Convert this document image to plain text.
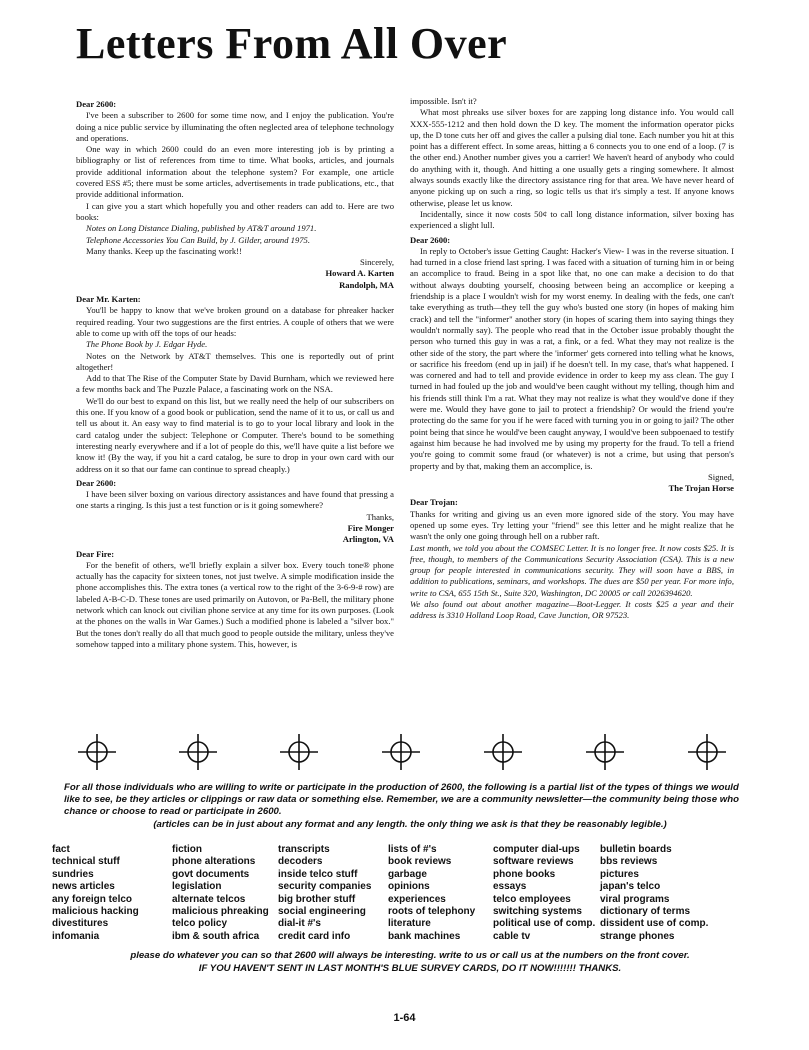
Letters From All Over

Dear 2600:

I've been a subscriber to 2600 for some time now, and I enjoy the publication. You're doing a nice public service by illuminating the often neglected area of telephone technology and operations.

One way in which 2600 could do an even more interesting job is by printing a bibliography or list of references from time to time. What books, articles, and journals provide additional information about the telephone system? For example, one article covered ESS #5; there must be some articles, advertisements in trade publications, etc., that provide additional information.

I can give you a start which hopefully you and other readers can add to. Here are two books:

Notes on Long Distance Dialing, published by AT&T around 1971.

Telephone Accessories You Can Build, by J. Gilder, around 1975.

Many thanks. Keep up the fascinating work!!

Sincerely,

Howard A. Karten

Randolph, MA

Dear Mr. Karten:

You'll be happy to know that we've broken ground on a database for phreaker hacker required reading. Your two suggestions are the first entries. A couple of others that we were able to come up with off the tops of our heads:

The Phone Book by J. Edgar Hyde.

Notes on the Network by AT&T themselves. This one is reportedly out of print altogether!

Add to that The Rise of the Computer State by David Burnham, which we reviewed here a few months back and The Puzzle Palace, a fascinating work on the NSA.

We'll do our best to expand on this list, but we really need the help of our subscribers on this one. If you know of a good book or publication, send the name of it to us, or call us and tell us about it. An easy way to find material is to go to your local library and look in the card catalog under the subject: Telephone or Computer. There's bound to be something interesting nearly everywhere and if a lot of people do this, we'll have quite a list before we know it! (By the way, if you hit a card catalog, be sure to drop in your own card with our address on it so that our fame can continue to spread cheaply.)

Dear 2600:

I have been silver boxing on various directory assistances and have found that pressing a one starts a ringing. Is this just a test function or is it going somewhere?

Thanks,

Fire Monger

Arlington, VA

Dear Fire:

For the benefit of others, we'll briefly explain a silver box. Every touch tone® phone actually has the capacity for sixteen tones, not just twelve. A simple modification inside the phone accomplishes this. The extra tones (a vertical row to the right of the 3-6-9-# row) are labeled A-B-C-D. These tones are used primarily on Autovon, or Pa-Bell, the military phone network which can knock out civilian phone service at any time for its own purposes. (Look at the phones on the walls in War Games.) Such a modified phone is labeled a "silver box." But the tones don't really do all that much good to people outside the military, unless they've somehow tapped into a military phone system. This, however, is

impossible. Isn't it?

What most phreaks use silver boxes for are zapping long distance info. You would call XXX-555-1212 and then hold down the D key. The moment the information operator picks up, the D tone cuts her off and gives the caller a pulsing dial tone. Each number you hit at this point has a different effect. In some areas, hitting a 6 connects you to one end of a loop. (7 is the other end.) Another number gives you a carrier! We haven't heard of anybody who could do anything with it, though. And hitting a one usually gets a ringing somewhere. It almost always sounds exactly like the directory assistance ring for that area. We have never heard of anyone picking up on such a ring, so logic tells us that it's simply a test. If anyone knows otherwise, please let us know.

Incidentally, since it now costs 50¢ to call long distance information, silver boxing has experienced a slight lull.

Dear 2600:

In reply to October's issue Getting Caught: Hacker's View- I was in the reverse situation. I had turned in a close friend last spring. I was faced with a situation of turning him in or being an accomplice to fraud. Being in a spot like that, no one can make a decision to do that without always doubting yourself, choosing between being an accomplice or keeping a friendship is a place I wouldn't wish for my worst enemy. In dealing with the feds, one can't take everything as truth—they tell the guy who's busted one story (in hopes of making him crack) and tell the "informer" another story (in hopes of scaring them into saying things they wouldn't normally say). The people who read that in the October issue probably thought the person who turned this guy in was a rat, a fink, or a fed. What they may not realize is the other side of the story, the part where the 'informer' gets cornered into telling what he knows, or sacrifice his freedom (end up in jail) if he doesn't tell. In my case, that's what happened. I was cornered and had to tell and provide evidence in order to keep my ass clean. The guy I turned in had fouled up the job and would've been caught without my telling, though him and his friends still think I'm a rat. What they may not realize is what they would've done if they were me. Would they have gone to jail to protect a friendship? Or would the friend you're protecting do the same for you if he were faced with turning you in or going to jail? The other point being that since he would've been caught anyway, I would've been subpoenaed to testify against him because he had involved me by using my property for the fraud. To tell a friend you're going to commit some fraud (or whatever) is not a crime, but using that person's property and by that, making them an accomplice, is.

Signed,

The Trojan Horse

Dear Trojan:

Thanks for writing and giving us an even more ignored side of the story. You may have opened up some eyes. Try letting your "friend" see this letter and he might realize that he wasn't the only one going through hell on a rubber raft.

Last month, we told you about the COMSEC Letter. It is no longer free. It now costs $25. It is free, though, to members of the Communications Security Association (CSA). This is a new group for people interested in communications security. They will soon have a BBS, in addition to publications, seminars, and workshops. The dues are $50 per year. For more info, write to CSA, 655 15th St., Suite 320, Washington, DC 20005 or call 2026394620.

We also found out about another magazine—Boot-Legger. It costs $25 a year and their address is 3310 Holland Loop Road, Cave Junction, OR 97523.

For all those individuals who are willing to write or participate in the production of 2600, the following is a partial list of the types of things we would like to see, be they articles or clippings or raw data or something else. Remember, we are a community newsletter—the community being those who chance or choose to read or participate in 2600.

(articles can be in just about any format and any length. the only thing we ask is that they be reasonably legible.)

fact
technical stuff
sundries
news articles
any foreign telco
malicious hacking
divestitures
infomania
fiction
phone alterations
govt documents
legislation
alternate telcos
malicious phreaking
telco policy
ibm & south africa
transcripts
decoders
inside telco stuff
security companies
big brother stuff
social engineering
dial-it #'s
credit card info
lists of #'s
book reviews
garbage
opinions
experiences
roots of telephony
literature
bank machines
computer dial-ups
software reviews
phone books
essays
telco employees
switching systems
political use of comp.
cable tv
bulletin boards
bbs reviews
pictures
japan's telco
viral programs
dictionary of terms
dissident use of comp.
strange phones
please do whatever you can so that 2600 will always be interesting. write to us or call us at the numbers on the front cover.
IF YOU HAVEN'T SENT IN LAST MONTH'S BLUE SURVEY CARDS, DO IT NOW!!!!!!! THANKS.
1-64
